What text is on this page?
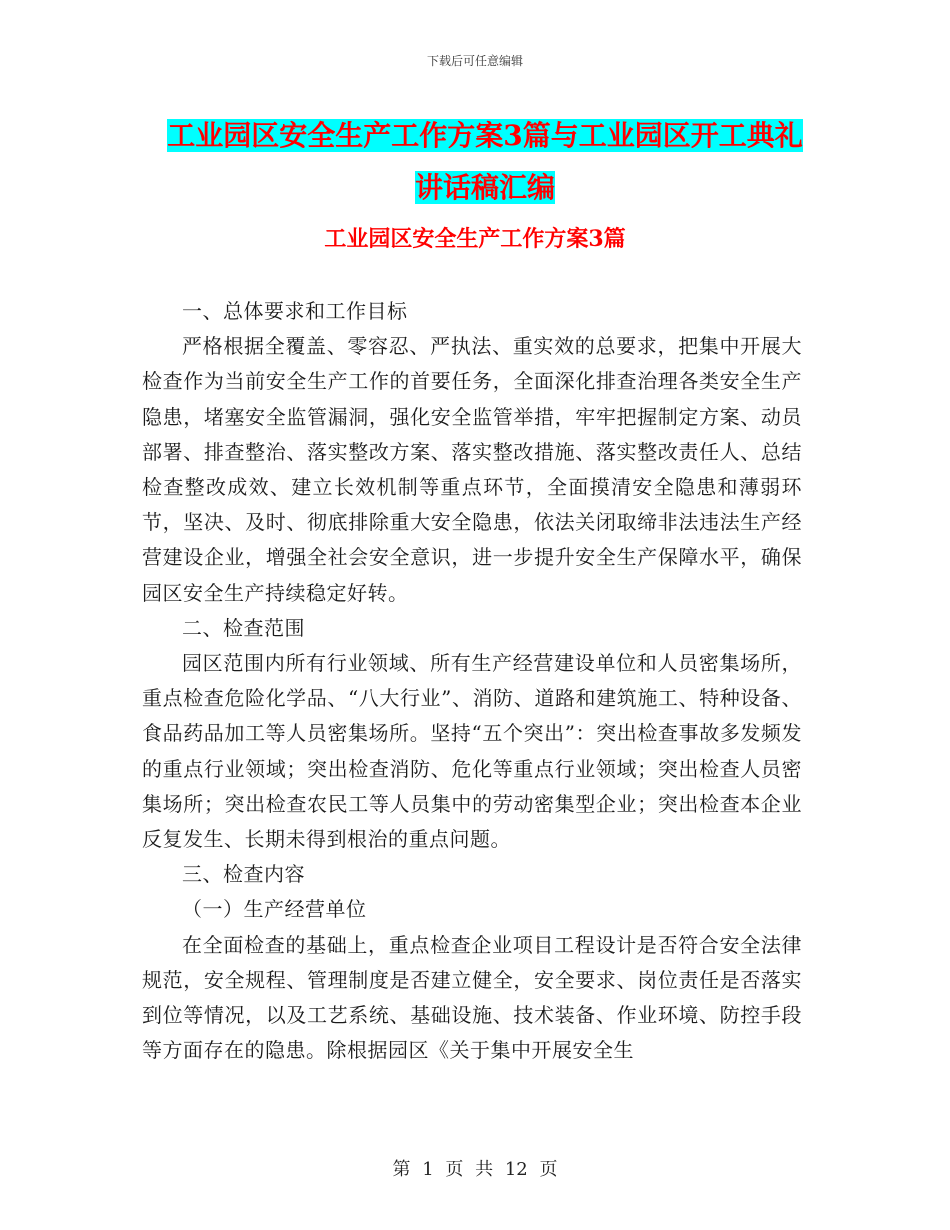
下载后可任意编辑
工业园区安全生产工作方案3篇与工业园区开工典礼
讲话稿汇编
工业园区安全生产工作方案3篇

一、总体要求和工作目标

严格根据全覆盖、零容忍、严执法、重实效的总要求，把集中开展大检查作为当前安全生产工作的首要任务，全面深化排查治理各类安全生产隐患，堵塞安全监管漏洞，强化安全监管举措，牢牢把握制定方案、动员部署、排查整治、落实整改方案、落实整改措施、落实整改责任人、总结检查整改成效、建立长效机制等重点环节，全面摸清安全隐患和薄弱环节，坚决、及时、彻底排除重大安全隐患，依法关闭取缔非法违法生产经营建设企业，增强全社会安全意识，进一步提升安全生产保障水平，确保园区安全生产持续稳定好转。

二、检查范围

园区范围内所有行业领域、所有生产经营建设单位和人员密集场所，重点检查危险化学品、“八大行业”、消防、道路和建筑施工、特种设备、食品药品加工等人员密集场所。坚持“五个突出”：突出检查事故多发频发的重点行业领域；突出检查消防、危化等重点行业领域；突出检查人员密集场所；突出检查农民工等人员集中的劳动密集型企业；突出检查本企业反复发生、长期未得到根治的重点问题。

三、检查内容

（一）生产经营单位

在全面检查的基础上，重点检查企业项目工程设计是否符合安全法律规范，安全规程、管理制度是否建立健全，安全要求、岗位责任是否落实到位等情况，以及工艺系统、基础设施、技术装备、作业环境、防控手段等方面存在的隐患。除根据园区《关于集中开展安全生

第 1 页 共 12 页
